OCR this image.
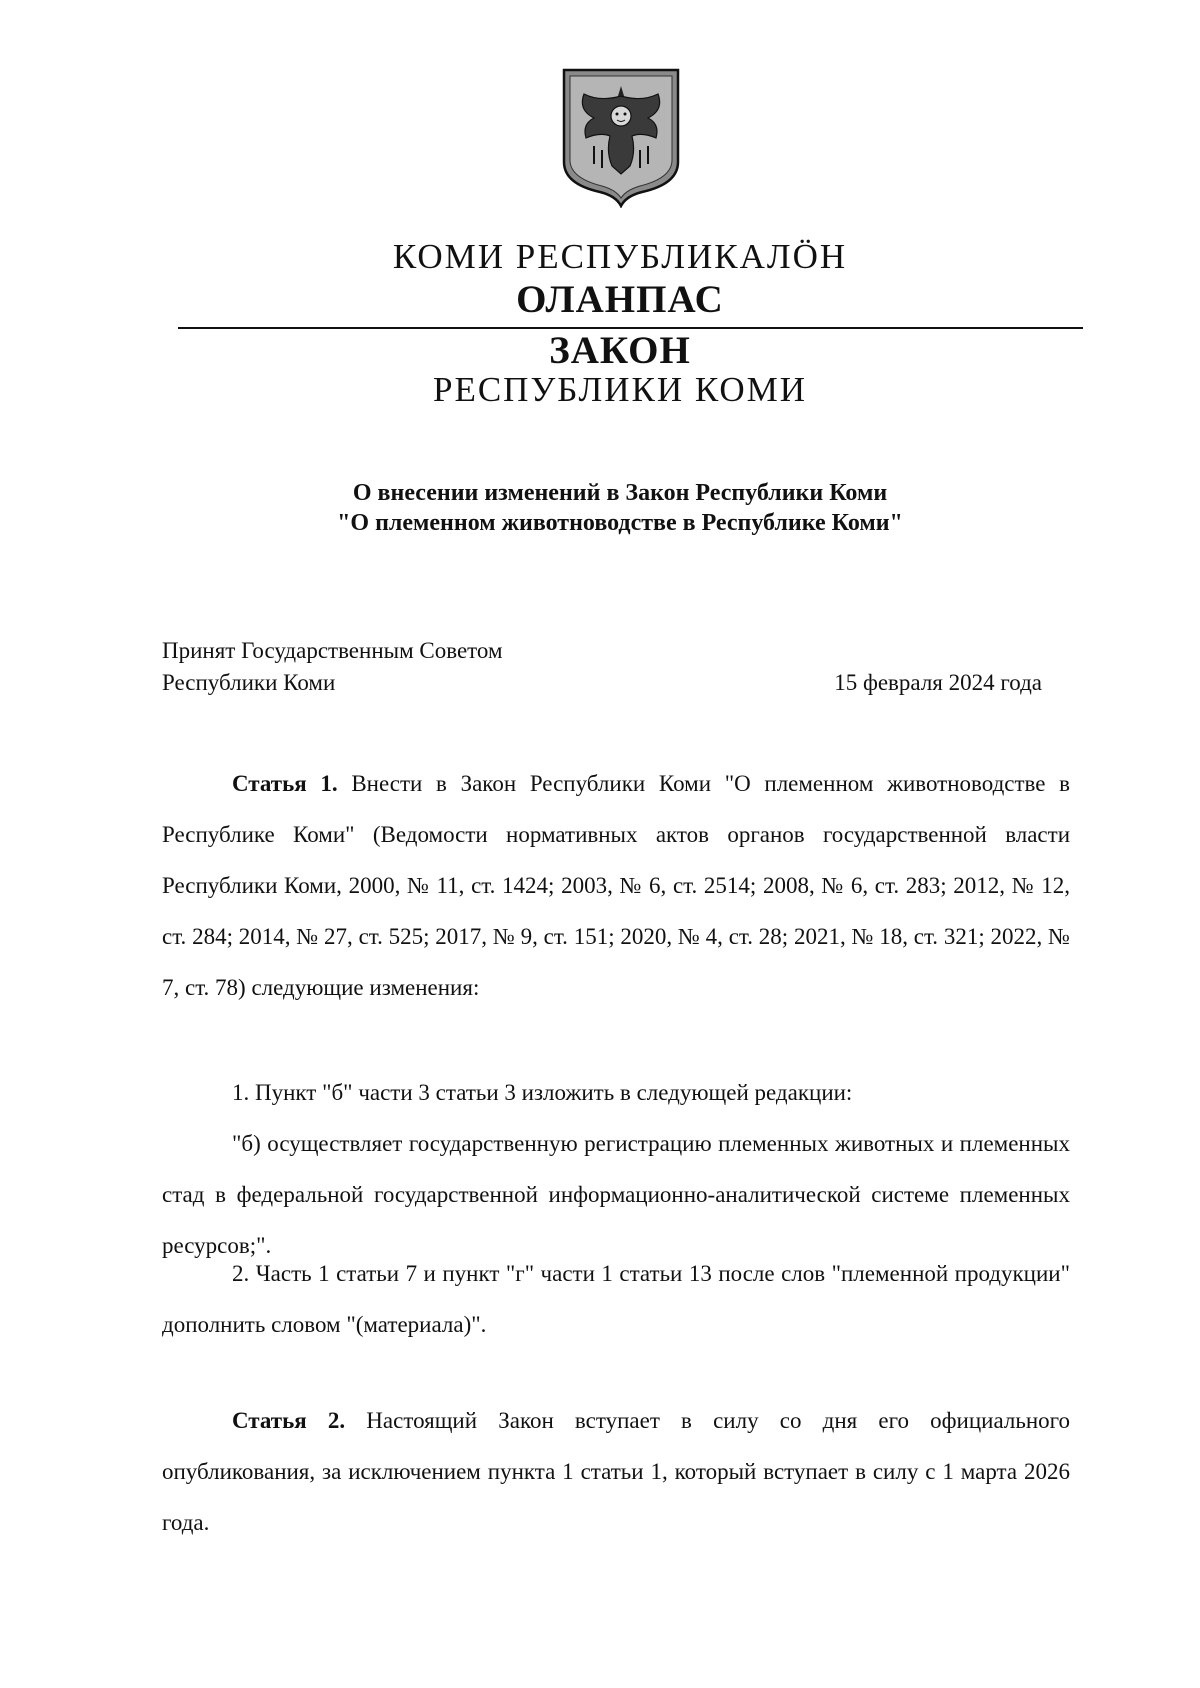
КОМИ РЕСПУБЛИКАЛӦН
ОЛАНПАС
ЗАКОН
РЕСПУБЛИКИ КОМИ
О внесении изменений в Закон Республики Коми
"О племенном животноводстве в Республике Коми"
Принят Государственным Советом
Республики Коми	15 февраля 2024 года

Статья 1. Внести в Закон Республики Коми "О племенном животноводстве в Республике Коми" (Ведомости нормативных актов органов государственной власти Республики Коми, 2000, № 11, ст. 1424; 2003, № 6, ст. 2514; 2008, № 6, ст. 283; 2012, № 12, ст. 284; 2014, № 27, ст. 525; 2017, № 9, ст. 151; 2020, № 4, ст. 28; 2021, № 18, ст. 321; 2022, № 7, ст. 78) следующие изменения:

1. Пункт "б" части 3 статьи 3 изложить в следующей редакции:

"б) осуществляет государственную регистрацию племенных животных и племенных стад в федеральной государственной информационно-аналитической системе племенных ресурсов;".

2. Часть 1 статьи 7 и пункт "г" части 1 статьи 13 после слов "племенной продукции" дополнить словом "(материала)".

Статья 2. Настоящий Закон вступает в силу со дня его официального опубликования, за исключением пункта 1 статьи 1, который вступает в силу с 1 марта 2026 года.
